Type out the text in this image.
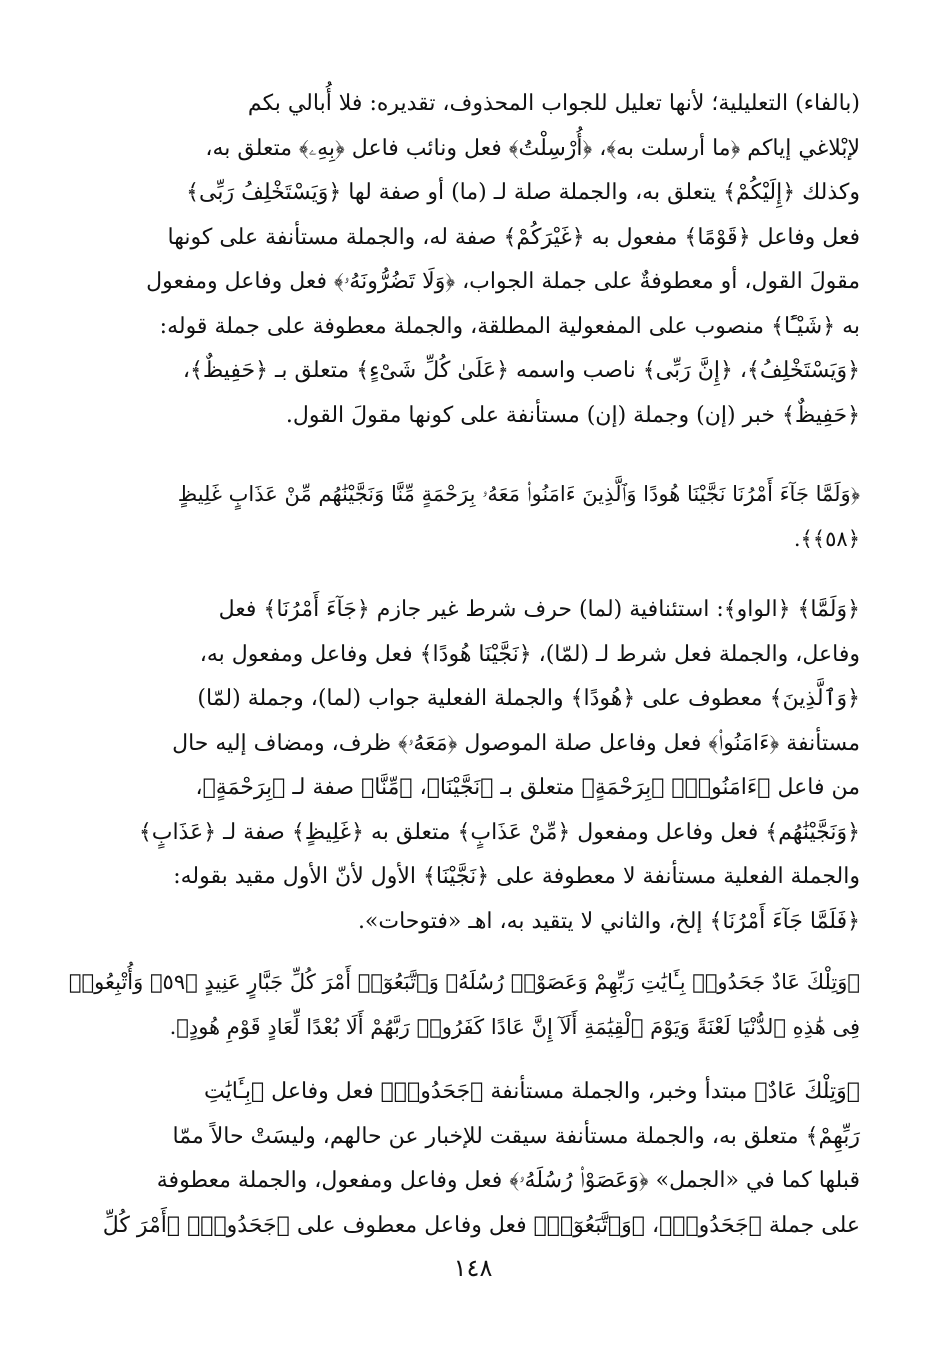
(بالفاء) التعليلية؛ لأنها تعليل للجواب المحذوف، تقديره: فلا أُبالي بكم
لإبْلاغي إياكم ﴿ما أرسلت به﴾، ﴿أُرْسِلْتُ﴾ فعل ونائب فاعل ﴿بِهِۦ﴾ متعلق به،
وكذلك ﴿إِلَيْكُمْ﴾ يتعلق به، والجملة صلة لـ (ما) أو صفة لها ﴿وَيَسْتَخْلِفُ رَبِّى﴾
فعل وفاعل ﴿قَوْمًا﴾ مفعول به ﴿غَيْرَكُمْ﴾ صفة له، والجملة مستأنفة على كونها
مقولَ القول، أو معطوفةٌ على جملة الجواب، ﴿وَلَا تَضُرُّونَهُۥ﴾ فعل وفاعل ومفعول
به ﴿شَيْـًٔا﴾ منصوب على المفعولية المطلقة، والجملة معطوفة على جملة قوله:
﴿وَيَسْتَخْلِفُ﴾، ﴿إِنَّ رَبِّى﴾ ناصب واسمه ﴿عَلَىٰ كُلِّ شَىْءٍ﴾ متعلق بـ ﴿حَفِيظٌ﴾،
﴿حَفِيظٌ﴾ خبر (إن) وجملة (إن) مستأنفة على كونها مقولَ القول.
﴿وَلَمَّا جَآءَ أَمْرُنَا نَجَّيْنَا هُودًا وَٱلَّذِينَ ءَامَنُوا۟ مَعَهُۥ بِرَحْمَةٍ مِّنَّا وَنَجَّيْنَٰهُم مِّنْ عَذَابٍ غَلِيظٍ
﴿٥٨﴾﴾.
﴿وَلَمَّا﴾ ﴿الواو﴾: استئنافية (لما) حرف شرط غير جازم ﴿جَآءَ أَمْرُنَا﴾ فعل
وفاعل، والجملة فعل شرط لـ (لمّا)، ﴿نَجَّيْنَا هُودًا﴾ فعل وفاعل ومفعول به،
﴿وَٱلَّذِينَ﴾ معطوف على ﴿هُودًا﴾ والجملة الفعلية جواب (لما)، وجملة (لمّا)
مستأنفة ﴿ءَامَنُوا۟﴾ فعل وفاعل صلة الموصول ﴿مَعَهُۥ﴾ ظرف، ومضاف إليه حال
من فاعل ﴿ءَامَنُوا۟﴾ ﴿بِرَحْمَةٍ﴾ متعلق بـ ﴿نَجَّيْنَا﴾، ﴿مِّنَّا﴾ صفة لـ ﴿بِرَحْمَةٍ﴾،
﴿وَنَجَّيْنَٰهُم﴾ فعل وفاعل ومفعول ﴿مِّنْ عَذَابٍ﴾ متعلق به ﴿غَلِيظٍ﴾ صفة لـ ﴿عَذَابٍ﴾
والجملة الفعلية مستأنفة لا معطوفة على ﴿نَجَّيْنَا﴾ الأول لأنّ الأول مقيد بقوله:
﴿فَلَمَّا جَآءَ أَمْرُنَا﴾ إلخ، والثاني لا يتقيد به، اهـ «فتوحات».
﴿وَتِلْكَ عَادٌ جَحَدُوا۟ بِـَٔايَٰتِ رَبِّهِمْ وَعَصَوْا۟ رُسُلَهُۥ وَٱتَّبَعُوٓا۟ أَمْرَ كُلِّ جَبَّارٍ عَنِيدٍ ﴿٥٩﴾ وَأُتْبِعُوا۟
فِى هَٰذِهِ ٱلدُّنْيَا لَعْنَةً وَيَوْمَ ٱلْقِيَٰمَةِ أَلَآ إِنَّ عَادًا كَفَرُوا۟ رَبَّهُمْ أَلَا بُعْدًا لِّعَادٍ قَوْمِ هُودٍ﴾.
﴿وَتِلْكَ عَادٌ﴾ مبتدأ وخبر، والجملة مستأنفة ﴿جَحَدُوا۟﴾ فعل وفاعل ﴿بِـَٔايَٰتِ
رَبِّهِمْ﴾ متعلق به، والجملة مستأنفة سيقت للإخبار عن حالهم، وليسَتْ حالاً ممّا
قبلها كما في «الجمل» ﴿وَعَصَوْا۟ رُسُلَهُۥ﴾ فعل وفاعل ومفعول، والجملة معطوفة
على جملة ﴿جَحَدُوا۟﴾، ﴿وَٱتَّبَعُوٓا۟﴾ فعل وفاعل معطوف على ﴿جَحَدُوا۟﴾ ﴿أَمْرَ كُلِّ
١٤٨
